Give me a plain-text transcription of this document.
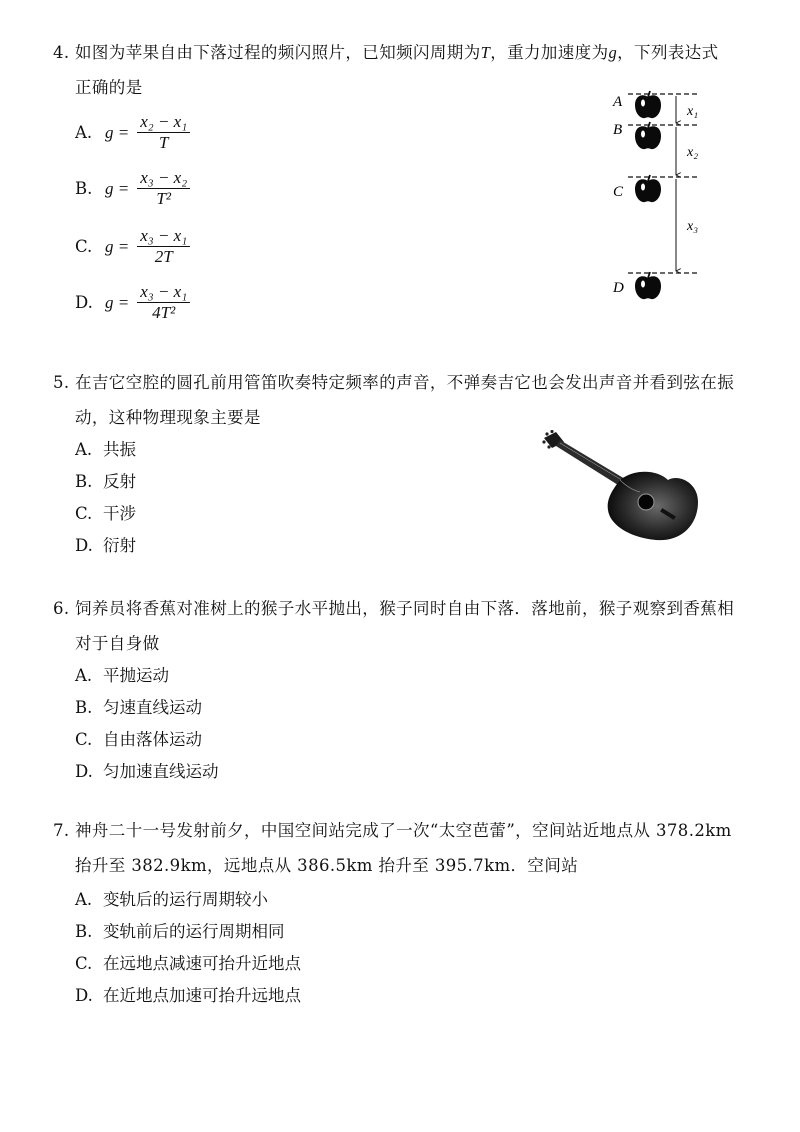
4. 如图为苹果自由下落过程的频闪照片，已知频闪周期为T，重力加速度为g，下列表达式
正确的是
A. $g = \frac{\text{x₂ − x₁}}{T}$
B. $g = \frac{\text{x₃ − x₂}}{\text{T²}}$
C. $g = \frac{\text{x₃ − x₁}}{2T}$
D. $g = \frac{\text{x₃ − x₁}}{\text{4T²}}$
A
B
C
D
x₁
x₂
x₃
5. 在吉它空腔的圆孔前用管笛吹奏特定频率的声音，不弹奏吉它也会发出声音并看到弦在振
动，这种物理现象主要是
A. 共振
B. 反射
C. 干涉
D. 衍射
6. 饲养员将香蕉对准树上的猴子水平抛出，猴子同时自由下落．落地前，猴子观察到香蕉相
对于自身做
A. 平抛运动
B. 匀速直线运动
C. 自由落体运动
D. 匀加速直线运动
7. 神舟二十一号发射前夕，中国空间站完成了一次“太空芭蕾”，空间站近地点从 378.2km
抬升至 382.9km，远地点从 386.5km 抬升至 395.7km．空间站
A. 变轨后的运行周期较小
B. 变轨前后的运行周期相同
C. 在远地点减速可抬升近地点
D. 在近地点加速可抬升远地点
